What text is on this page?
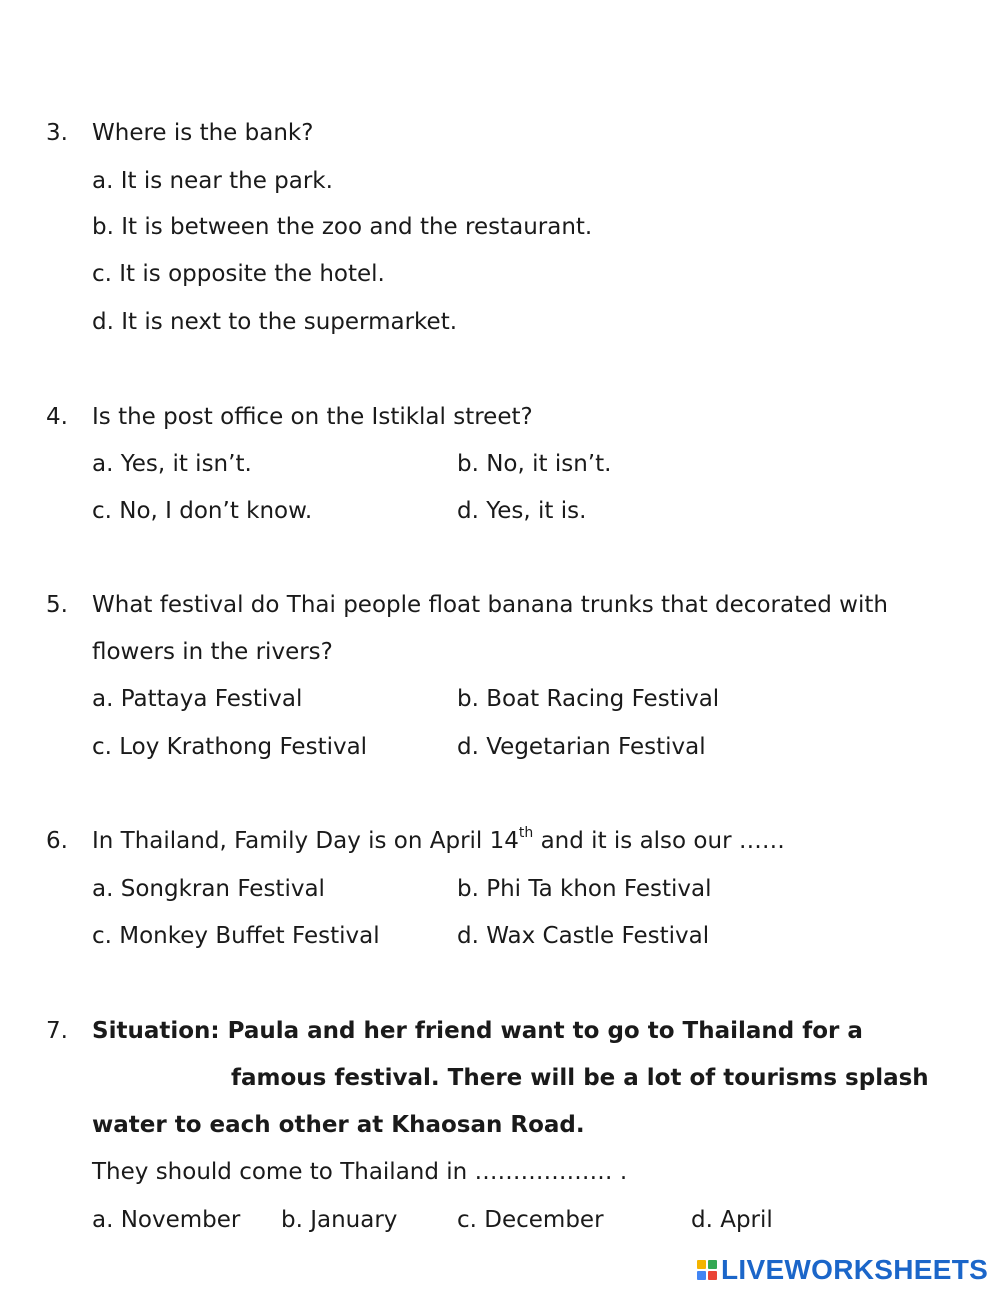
3. Where is the bank?
a. It is near the park.
b. It is between the zoo and the restaurant.
c. It is opposite the hotel.
d. It is next to the supermarket.
4. Is the post office on the Istiklal street?
a. Yes, it isn’t.	b. No, it isn’t.
c. No, I don’t know.	d. Yes, it is.
5. What festival do Thai people float banana trunks that decorated with
flowers in the rivers?
a. Pattaya Festival	b. Boat Racing Festival
c. Loy Krathong Festival	d. Vegetarian Festival
6. In Thailand, Family Day is on April 14th and it is also our ……
a. Songkran Festival	b. Phi Ta khon Festival
c. Monkey Buffet Festival	d. Wax Castle Festival
7. Situation: Paula and her friend want to go to Thailand for a
famous festival. There will be a lot of tourisms splash
water to each other at Khaosan Road.
They should come to Thailand in ……………… .
a. November b. January	c. December	d. April
LIVEWORKSHEETS
